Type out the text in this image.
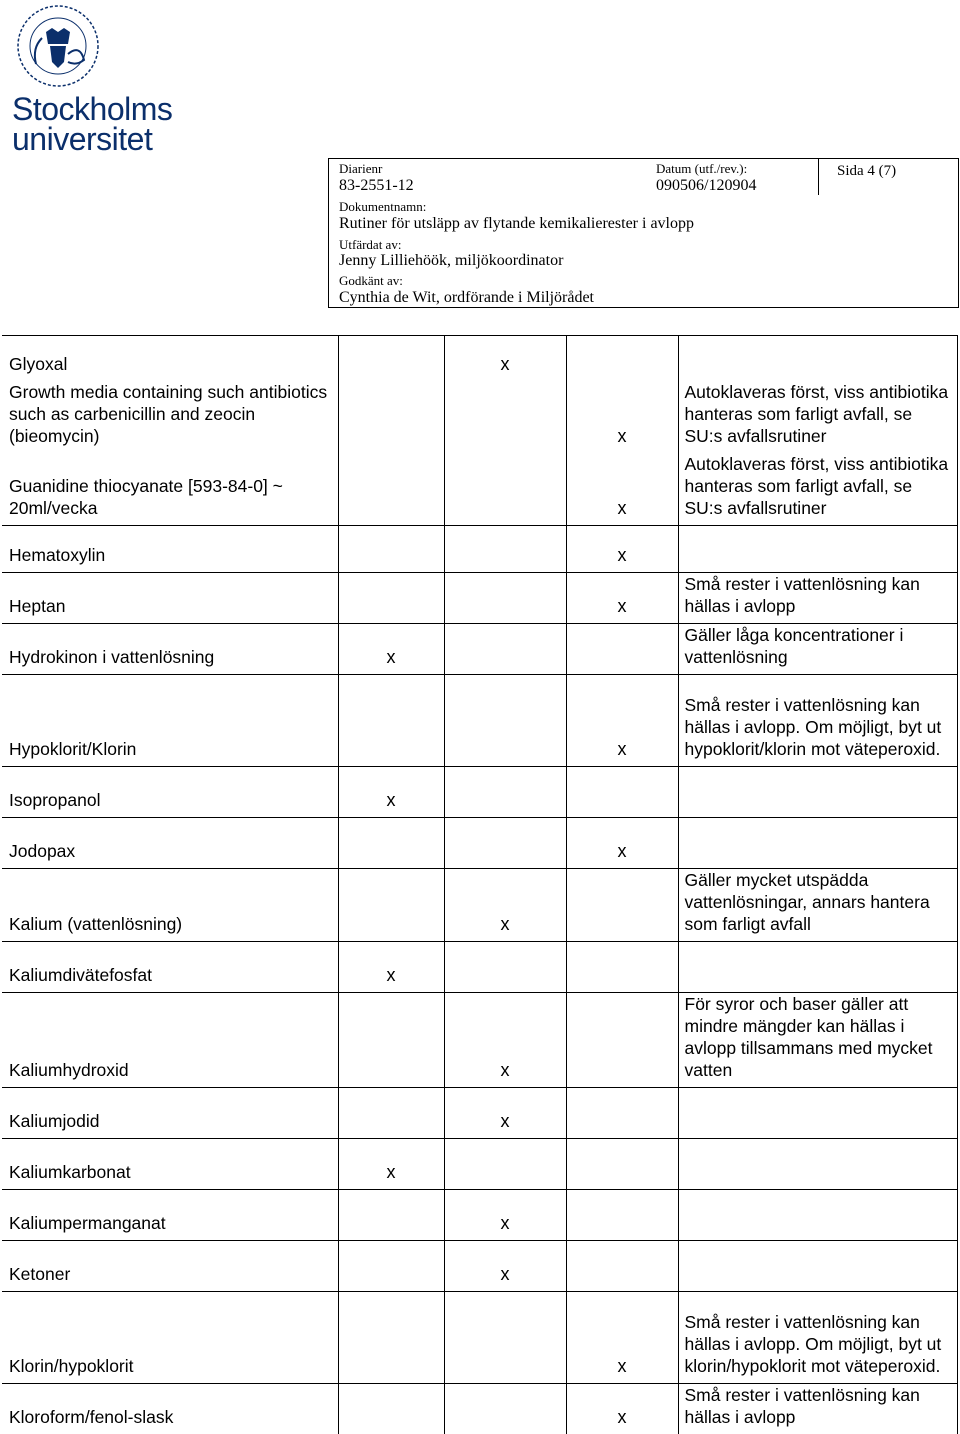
Stockholms
universitet
Diarienr
83-2551-12
Datum (utf./rev.):
090506/120904
Sida 4 (7)
Dokumentnamn:
Rutiner för utsläpp av flytande kemikalierester i avlopp
Utfärdat av:
Jenny Lilliehöök, miljökoordinator
Godkänt av:
Cynthia de Wit, ordförande i Miljörådet
Glyoxal		x		
Growth media containing such antibiotics such as carbenicillin and zeocin (bieomycin)			x	Autoklaveras först, viss antibiotika hanteras som farligt avfall, se SU:s avfallsrutiner
Guanidine thiocyanate [593-84-0] ~ 20ml/vecka			x	Autoklaveras först, viss antibiotika hanteras som farligt avfall, se SU:s avfallsrutiner
Hematoxylin			x	
Heptan			x	Små rester i vattenlösning kan hällas i avlopp
Hydrokinon i vattenlösning	x			Gäller låga koncentrationer i vattenlösning
Hypoklorit/Klorin			x	Små rester i vattenlösning kan hällas i avlopp. Om möjligt, byt ut hypoklorit/klorin mot väteperoxid.
Isopropanol	x			
Jodopax			x	
Kalium (vattenlösning)		x		Gäller mycket utspädda vattenlösningar, annars hantera som farligt avfall
Kaliumdivätefosfat	x			
Kaliumhydroxid		x		För syror och baser gäller att mindre mängder kan hällas i avlopp tillsammans med mycket vatten
Kaliumjodid		x		
Kaliumkarbonat	x			
Kaliumpermanganat		x		
Ketoner		x		
Klorin/hypoklorit			x	Små rester i vattenlösning kan hällas i avlopp. Om möjligt, byt ut klorin/hypoklorit mot väteperoxid.
Kloroform/fenol-slask			x	Små rester i vattenlösning kan hällas i avlopp
